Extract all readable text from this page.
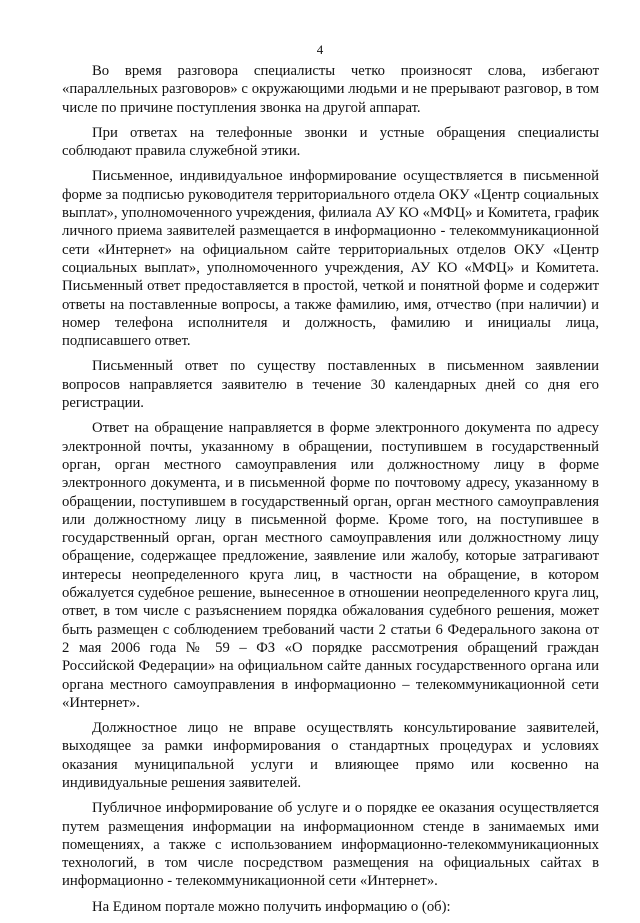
4

Во время разговора специалисты четко произносят слова, избегают «параллельных разговоров» с окружающими людьми и не прерывают разговор, в том числе по причине поступления звонка на другой аппарат.

При ответах на телефонные звонки и устные обращения специалисты соблюдают правила служебной этики.

Письменное, индивидуальное информирование осуществляется в письменной форме за подписью руководителя территориального отдела ОКУ «Центр социальных выплат», уполномоченного учреждения, филиала АУ КО «МФЦ» и Комитета, график личного приема заявителей размещается в информационно - телекоммуникационной сети «Интернет» на официальном сайте территориальных отделов ОКУ «Центр социальных выплат», уполномоченного учреждения, АУ КО «МФЦ» и Комитета. Письменный ответ предоставляется в простой, четкой и понятной форме и содержит ответы на поставленные вопросы, а также фамилию, имя, отчество (при наличии) и номер телефона исполнителя и должность, фамилию и инициалы лица, подписавшего ответ.

Письменный ответ по существу поставленных в письменном заявлении вопросов направляется заявителю в течение 30 календарных дней со дня его регистрации.

Ответ на обращение направляется в форме электронного документа по адресу электронной почты, указанному в обращении, поступившем в государственный орган, орган местного самоуправления или должностному лицу в форме электронного документа, и в письменной форме по почтовому адресу, указанному в обращении, поступившем в государственный орган, орган местного самоуправления или должностному лицу в письменной форме. Кроме того, на поступившее в государственный орган, орган местного самоуправления или должностному лицу обращение, содержащее предложение, заявление или жалобу, которые затрагивают интересы неопределенного круга лиц, в частности на обращение, в котором обжалуется судебное решение, вынесенное в отношении неопределенного круга лиц, ответ, в том числе с разъяснением порядка обжалования судебного решения, может быть размещен с соблюдением требований части 2 статьи 6 Федерального закона от 2 мая 2006 года № 59 – ФЗ «О порядке рассмотрения обращений граждан Российской Федерации» на официальном сайте данных государственного органа или органа местного самоуправления в информационно – телекоммуникационной сети «Интернет».

Должностное лицо не вправе осуществлять консультирование заявителей, выходящее за рамки информирования о стандартных процедурах и условиях оказания муниципальной услуги и влияющее прямо или косвенно на индивидуальные решения заявителей.

Публичное информирование об услуге и о порядке ее оказания осуществляется путем размещения информации на информационном стенде в занимаемых ими помещениях, а также с использованием информационно-телекоммуникационных технологий, в том числе посредством размещения на официальных сайтах в информационно - телекоммуникационной сети «Интернет».

На Едином портале можно получить информацию о (об):
